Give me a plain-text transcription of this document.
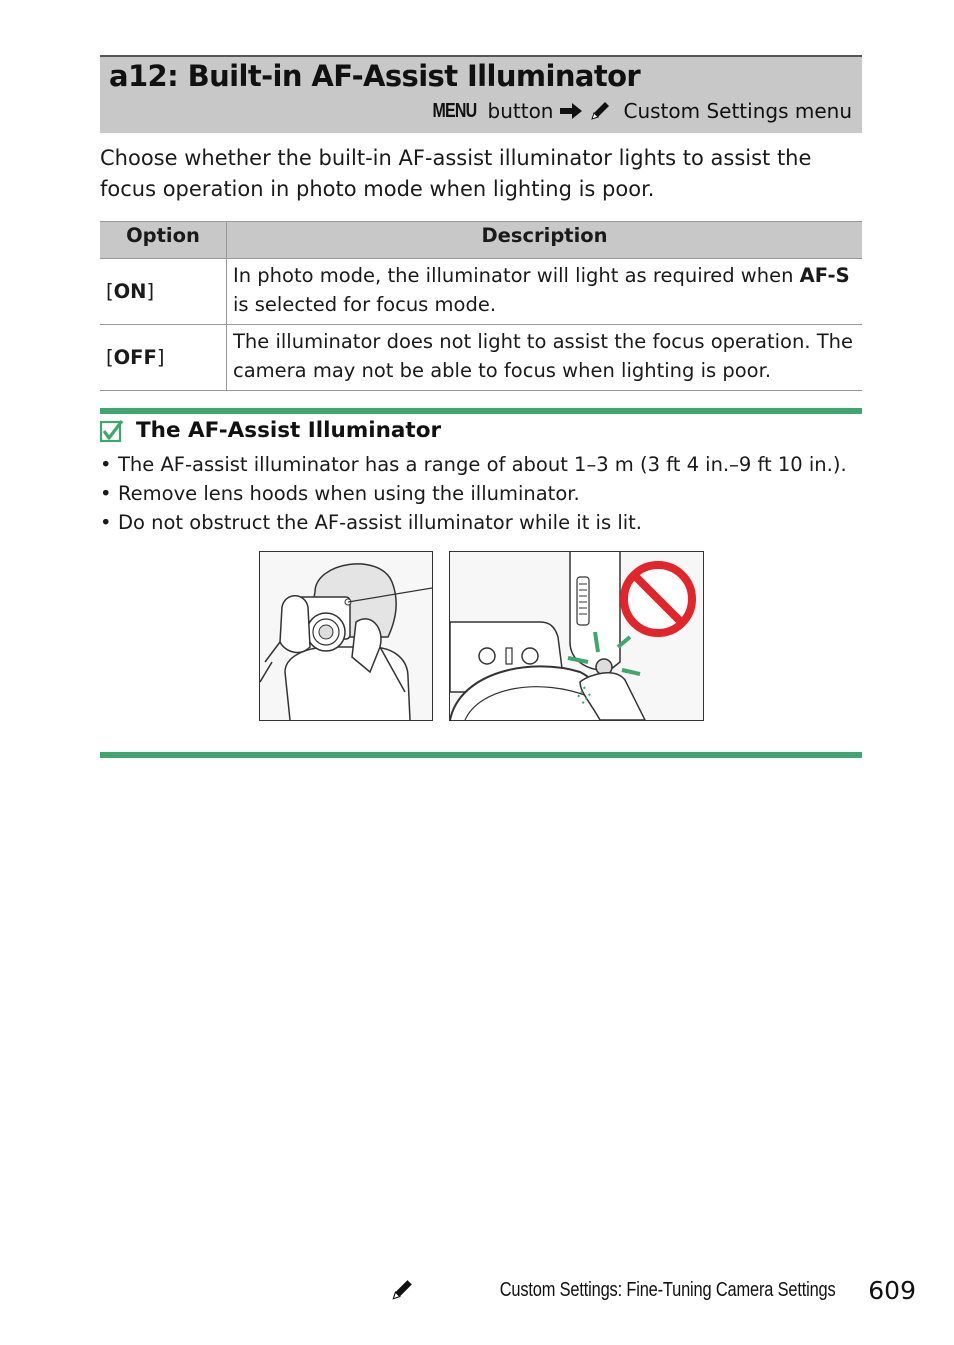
a12: Built-in AF-Assist Illuminator
MENU button	Custom Settings menu
Choose whether the built-in AF-assist illuminator lights to assist the focus operation in photo mode when lighting is poor.
Option	Description
[ON]	In photo mode, the illuminator will light as required when AF-S is selected for focus mode.
[OFF]	The illuminator does not light to assist the focus operation. The camera may not be able to focus when lighting is poor.
The AF-Assist Illuminator
• The AF-assist illuminator has a range of about 1–3 m (3 ft 4 in.–9 ft 10 in.).
• Remove lens hoods when using the illuminator.
• Do not obstruct the AF-assist illuminator while it is lit.
Custom Settings: Fine-Tuning Camera Settings 609
